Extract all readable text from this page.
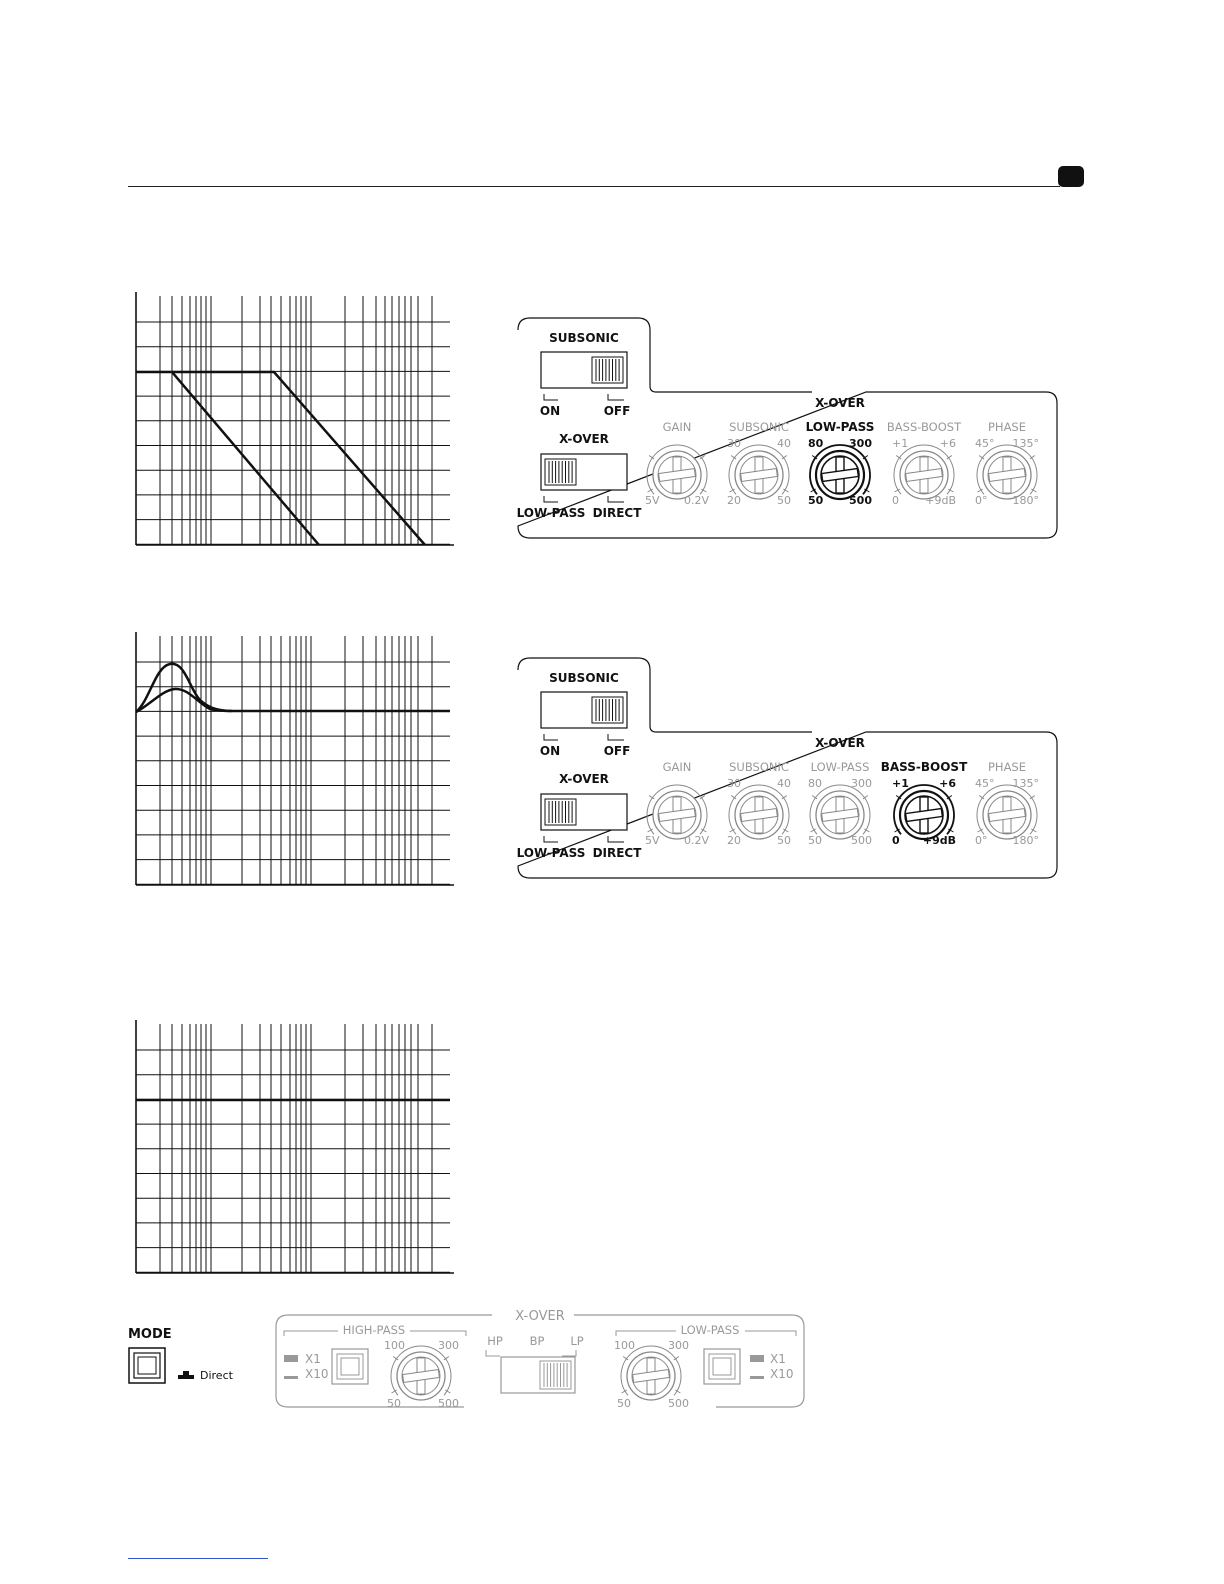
X-OVER
SUBSONIC
ON	OFF
X-OVER
LOW-PASS DIRECT
GAIN
5V 0.2V
SUBSONIC
30	40
20	50
LOW-PASS
80 300
50 500
BASS-BOOST
+1	+6
0 +9dB
PHASE
45° 135°
0° 180°
X-OVER
SUBSONIC
ON	OFF
X-OVER
LOW-PASS DIRECT
GAIN
5V 0.2V
SUBSONIC
30	40
20	50
LOW-PASS
80	300
50	500
BASS-BOOST
+1	+6
0 +9dB
PHASE
45° 135°
0° 180°
MODE
Direct
X-OVER
HIGH-PASS	LOW-PASS
X1
X10
X1
X10
100	300
50	500
100	300
50	500
HP BP LP
